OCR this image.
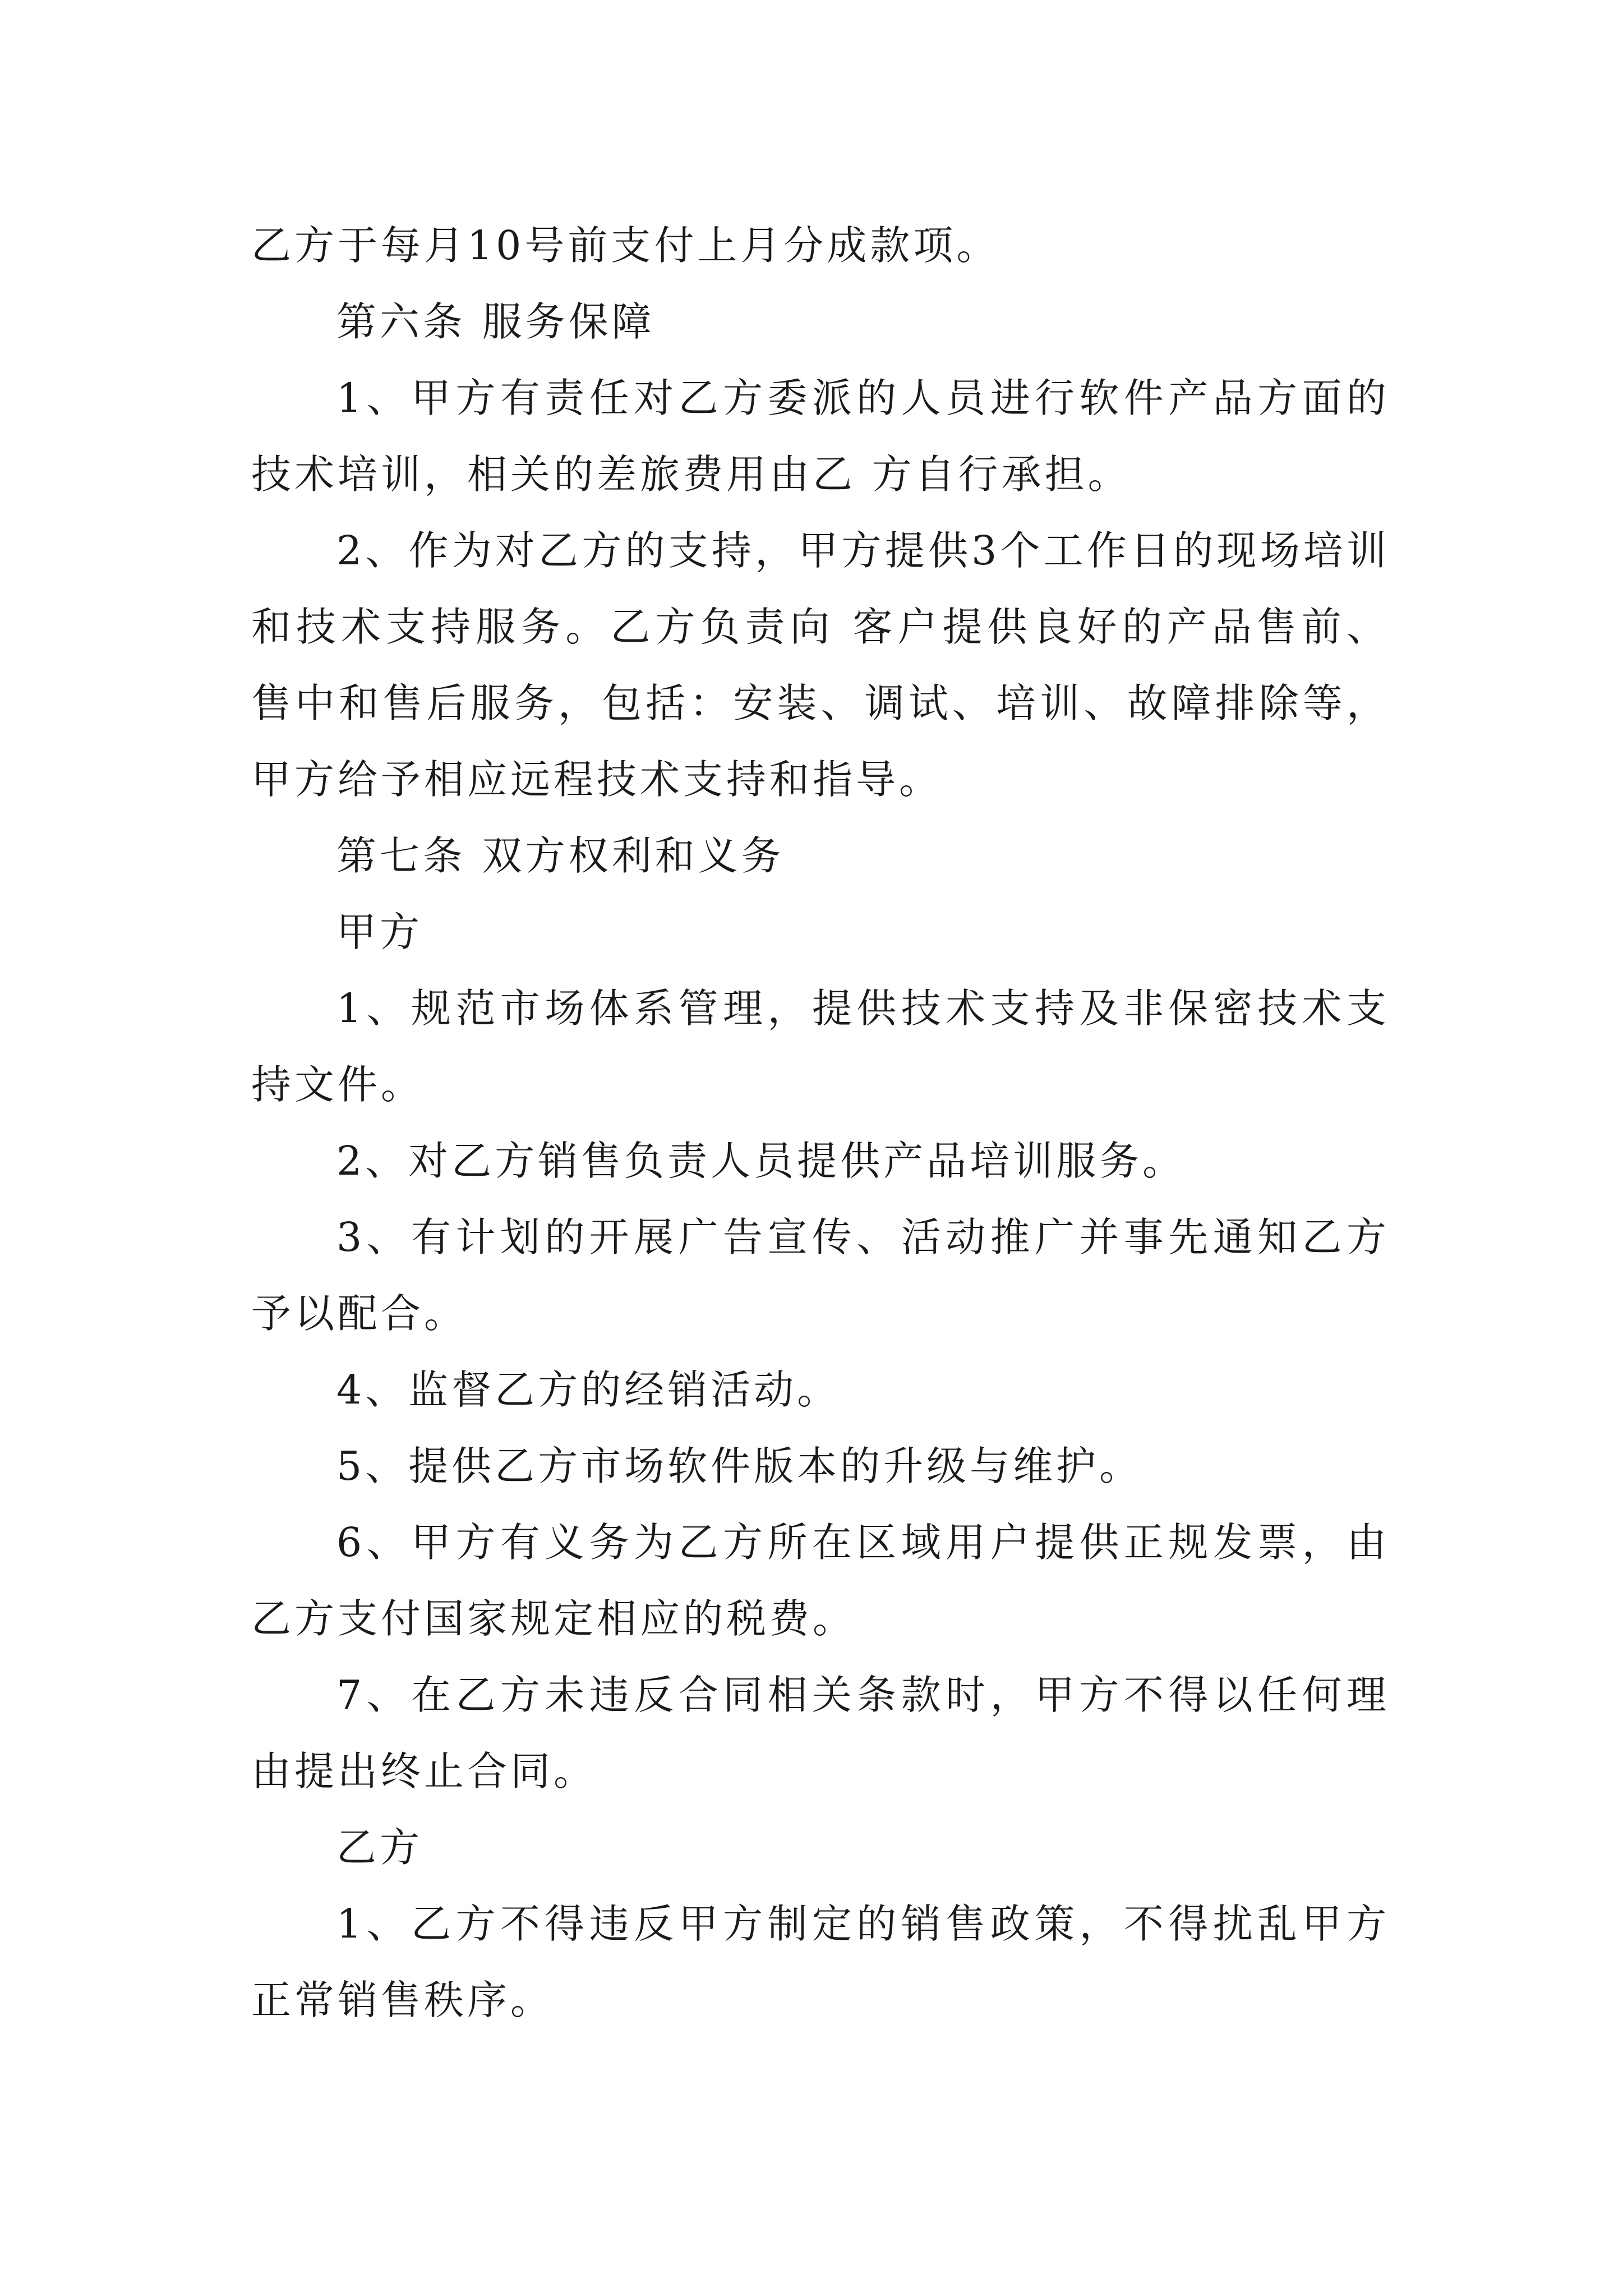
乙方于每月10号前支付上月分成款项。

第六条 服务保障

1、甲方有责任对乙方委派的人员进行软件产品方面的技术培训，相关的差旅费用由乙 方自行承担。

2、作为对乙方的支持，甲方提供3个工作日的现场培训和技术支持服务。乙方负责向 客户提供良好的产品售前、售中和售后服务，包括：安装、调试、培训、故障排除等，甲方给予相应远程技术支持和指导。

第七条 双方权利和义务

甲方

1、规范市场体系管理，提供技术支持及非保密技术支持文件。

2、对乙方销售负责人员提供产品培训服务。

3、有计划的开展广告宣传、活动推广并事先通知乙方予以配合。

4、监督乙方的经销活动。

5、提供乙方市场软件版本的升级与维护。

6、甲方有义务为乙方所在区域用户提供正规发票，由乙方支付国家规定相应的税费。

7、在乙方未违反合同相关条款时，甲方不得以任何理由提出终止合同。

乙方

1、乙方不得违反甲方制定的销售政策，不得扰乱甲方正常销售秩序。
